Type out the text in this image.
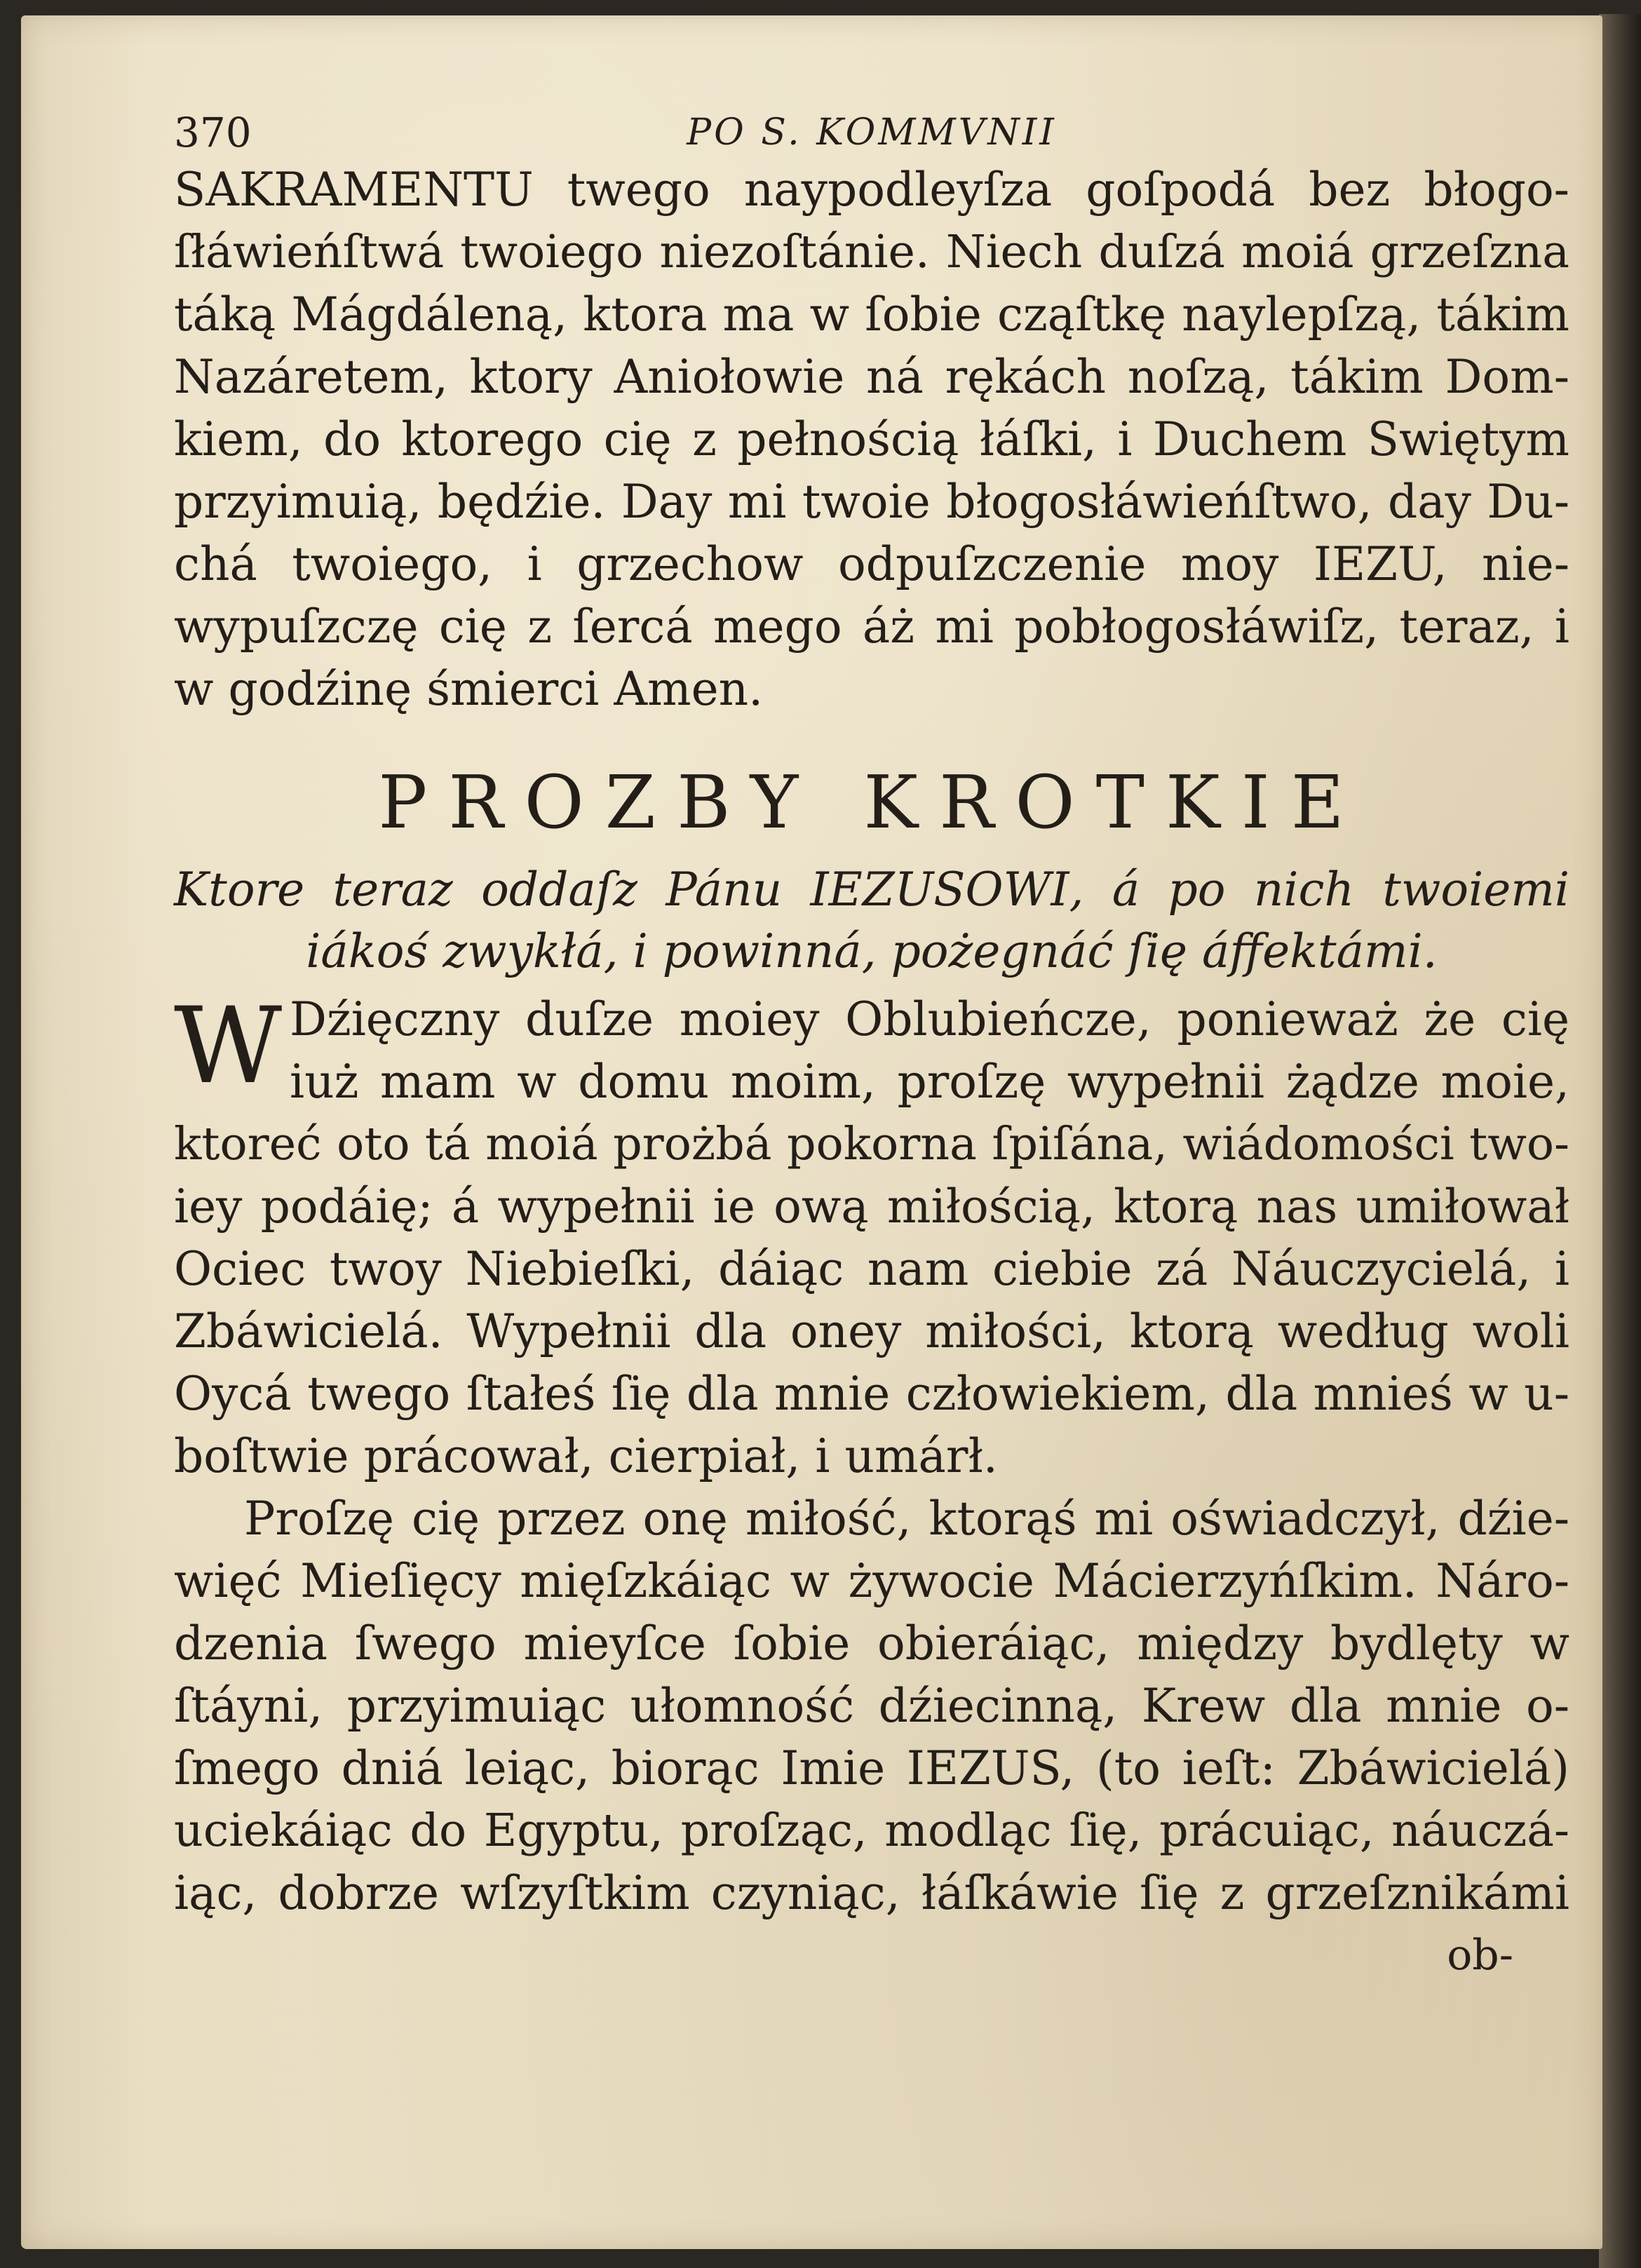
370	PO S. KOMMVNII
SAKRAMENTU twego naypodleyſza goſpodá bez błogo-
ſłáwieńſtwá twoiego niezoſtánie. Niech duſzá moiá grzeſzna
táką Mágdáleną, ktora ma w ſobie cząſtkę naylepſzą, tákim
Nazáretem, ktory Aniołowie ná rękách noſzą, tákim Dom-
kiem, do ktorego cię z pełnością łáſki, i Duchem Swiętym
przyimuią, będźie. Day mi twoie błogosłáwieńſtwo, day Du-
chá twoiego, i grzechow odpuſzczenie moy IEZU, nie-
wypuſzczę cię z ſercá mego áż mi pobłogosłáwiſz, teraz, i
w godźinę śmierci Amen.
PROZBY KROTKIE
Ktore teraz oddaſz Pánu IEZUSOWI, á po nich twoiemi
iákoś zwykłá, i powinná, pożegnáć ſię áffektámi.
W Dźięczny duſze moiey Oblubieńcze, ponieważ że cię
iuż mam w domu moim, proſzę wypełnii żądze moie,
ktoreć oto tá moiá prożbá pokorna ſpiſána, wiádomości two-
iey podáię; á wypełnii ie ową miłością, ktorą nas umiłował
Ociec twoy Niebieſki, dáiąc nam ciebie zá Náuczycielá, i
Zbáwicielá. Wypełnii dla oney miłości, ktorą według woli
Oycá twego ſtałeś ſię dla mnie człowiekiem, dla mnieś w u-
boſtwie prácował, cierpiał, i umárł.
Proſzę cię przez onę miłość, ktorąś mi oświadczył, dźie-
więć Mieſięcy mięſzkáiąc w żywocie Mácierzyńſkim. Náro-
dzenia ſwego mieyſce ſobie obieráiąc, między bydlęty w
ſtáyni, przyimuiąc ułomność dźiecinną, Krew dla mnie o-
ſmego dniá leiąc, biorąc Imie IEZUS, (to ieſt: Zbáwicielá)
uciekáiąc do Egyptu, proſząc, modląc ſię, prácuiąc, náuczá-
iąc, dobrze wſzyſtkim czyniąc, łáſkáwie ſię z grzeſznikámi
ob-
